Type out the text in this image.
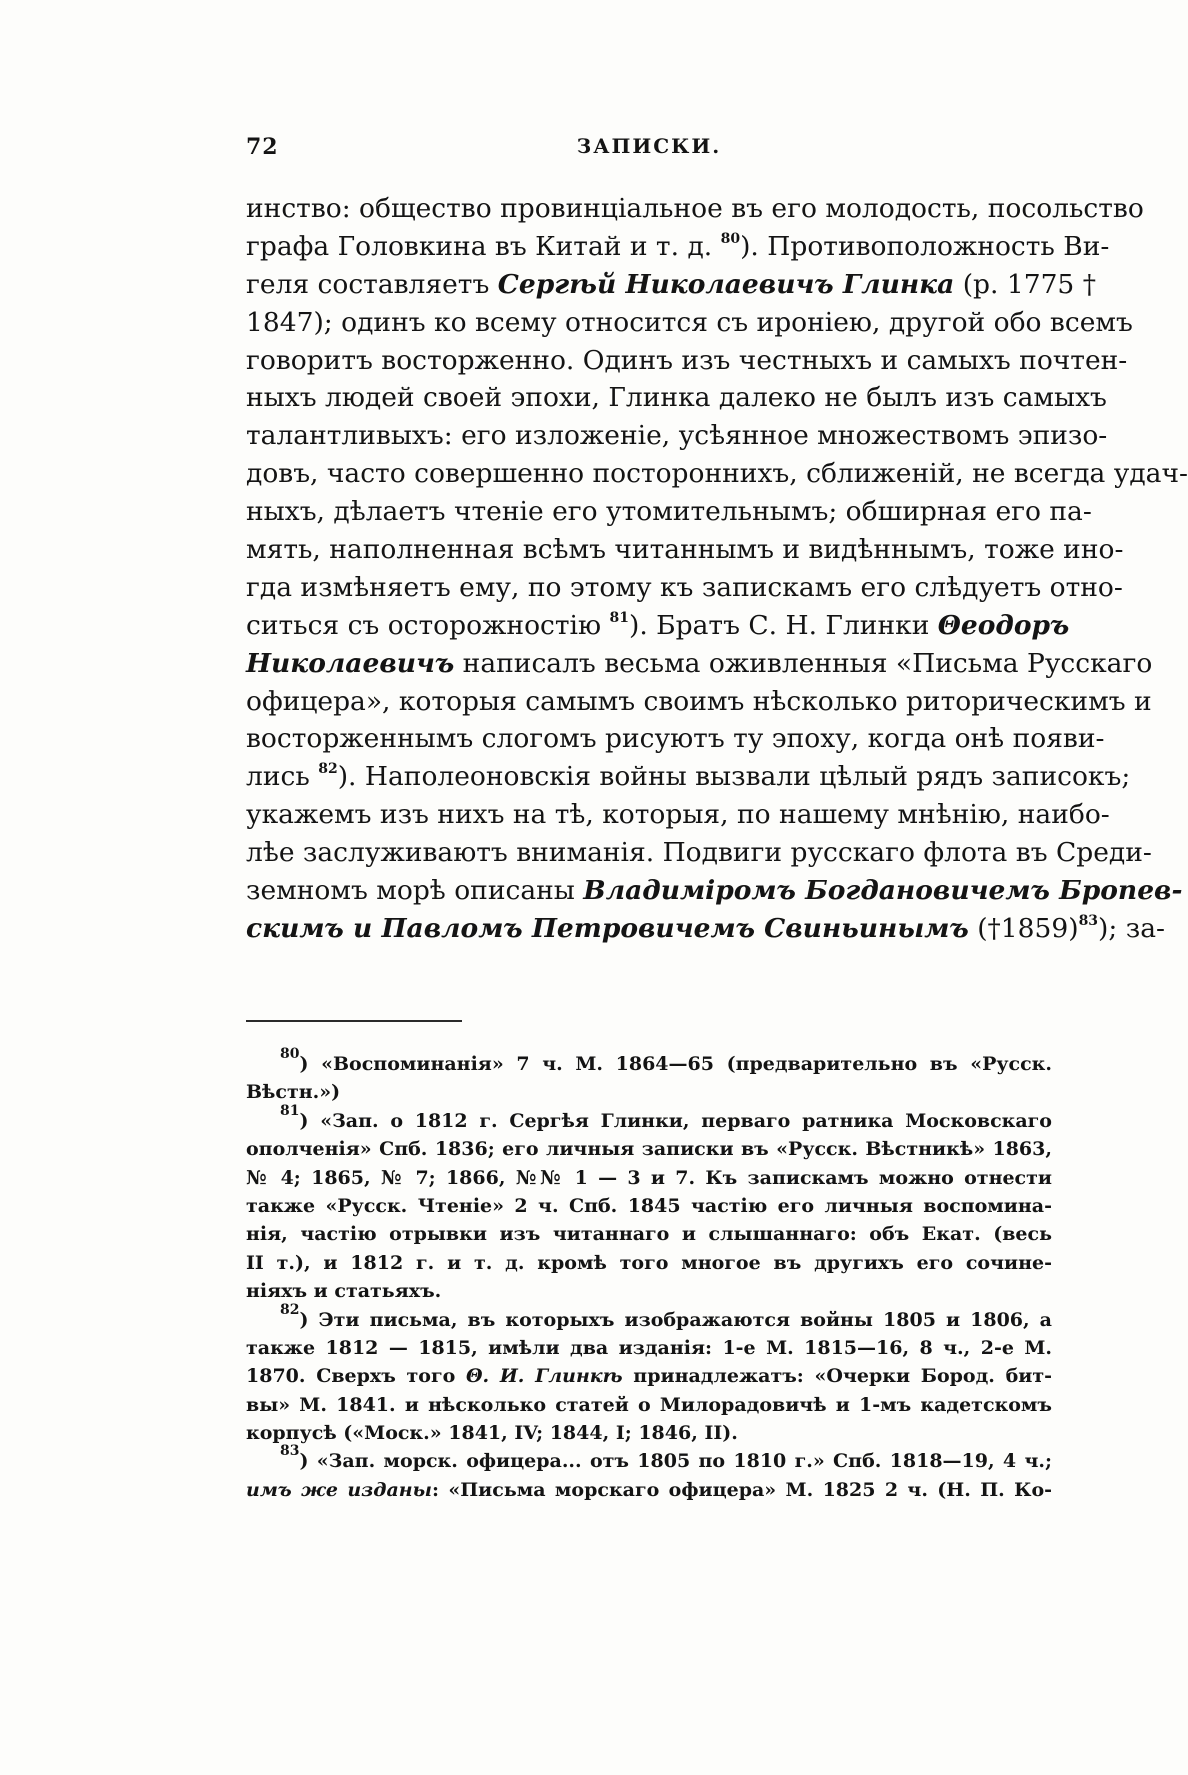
72	ЗАПИСКИ.
инство: общество провинціальное въ его молодость, посольство
графа Головкина въ Китай и т. д. $^{80}$). Противоположность Ви-
геля составляетъ Сергѣй Николаевичъ Глинка (р. 1775 †
1847); одинъ ко всему относится съ ироніею, другой обо всемъ
говоритъ восторженно. Одинъ изъ честныхъ и самыхъ почтен-
ныхъ людей своей эпохи, Глинка далеко не былъ изъ самыхъ
талантливыхъ: его изложеніе, усѣянное множествомъ эпизо-
довъ, часто совершенно постороннихъ, сближеній, не всегда удач-
ныхъ, дѣлаетъ чтеніе его утомительнымъ; обширная его па-
мять, наполненная всѣмъ читаннымъ и видѣннымъ, тоже ино-
гда измѣняетъ ему, по этому къ запискамъ его слѣдуетъ отно-
ситься съ осторожностію $^{81}$). Братъ С. Н. Глинки Θеодоръ
Николаевичъ написалъ весьма оживленныя «Письма Русскаго
офицера», которыя самымъ своимъ нѣсколько риторическимъ и
восторженнымъ слогомъ рисуютъ ту эпоху, когда онѣ появи-
лись $^{82}$). Наполеоновскія войны вызвали цѣлый рядъ записокъ;
укажемъ изъ нихъ на тѣ, которыя, по нашему мнѣнію, наибо-
лѣе заслуживаютъ вниманія. Подвиги русскаго флота въ Среди-
земномъ морѣ описаны Владиміромъ Богдановичемъ Броnев-
скимъ и Павломъ Петровичемъ Свиньинымъ (†1859)$^{83}$); за-
$^{80}$) «Воспоминанія» 7 ч. М. 1864—65 (предварительно въ «Русск.
Вѣстн.»)
$^{81}$) «Зап. о 1812 г. Сергѣя Глинки, перваго ратника Московскаго
ополченія» Спб. 1836; его личныя записки въ «Русск. Вѣстникѣ» 1863,
№ 4; 1865, № 7; 1866, №№ 1 — 3 и 7. Къ запискамъ можно отнести
также «Русск. Чтеніе» 2 ч. Спб. 1845 частію его личныя воспомина-
нія, частію отрывки изъ читаннаго и слышаннаго: объ Екат. (весь
II т.), и 1812 г. и т. д. кромѣ того многое въ другихъ его сочине-
ніяхъ и статьяхъ.
$^{82}$) Эти письма, въ которыхъ изображаются войны 1805 и 1806, а
также 1812 — 1815, имѣли два изданія: 1-е М. 1815—16, 8 ч., 2-е М.
1870. Сверхъ того Θ. И. Глинкѣ принадлежатъ: «Очерки Бород. бит-
вы» М. 1841. и нѣсколько статей о Милорадовичѣ и 1-мъ кадетскомъ
корпусѣ («Моск.» 1841, IV; 1844, I; 1846, II).
$^{83}$) «Зап. морск. офицера... отъ 1805 по 1810 г.» Спб. 1818—19, 4 ч.;
имъ же изданы: «Письма морскаго офицера» М. 1825 2 ч. (Н. П. Ко-
